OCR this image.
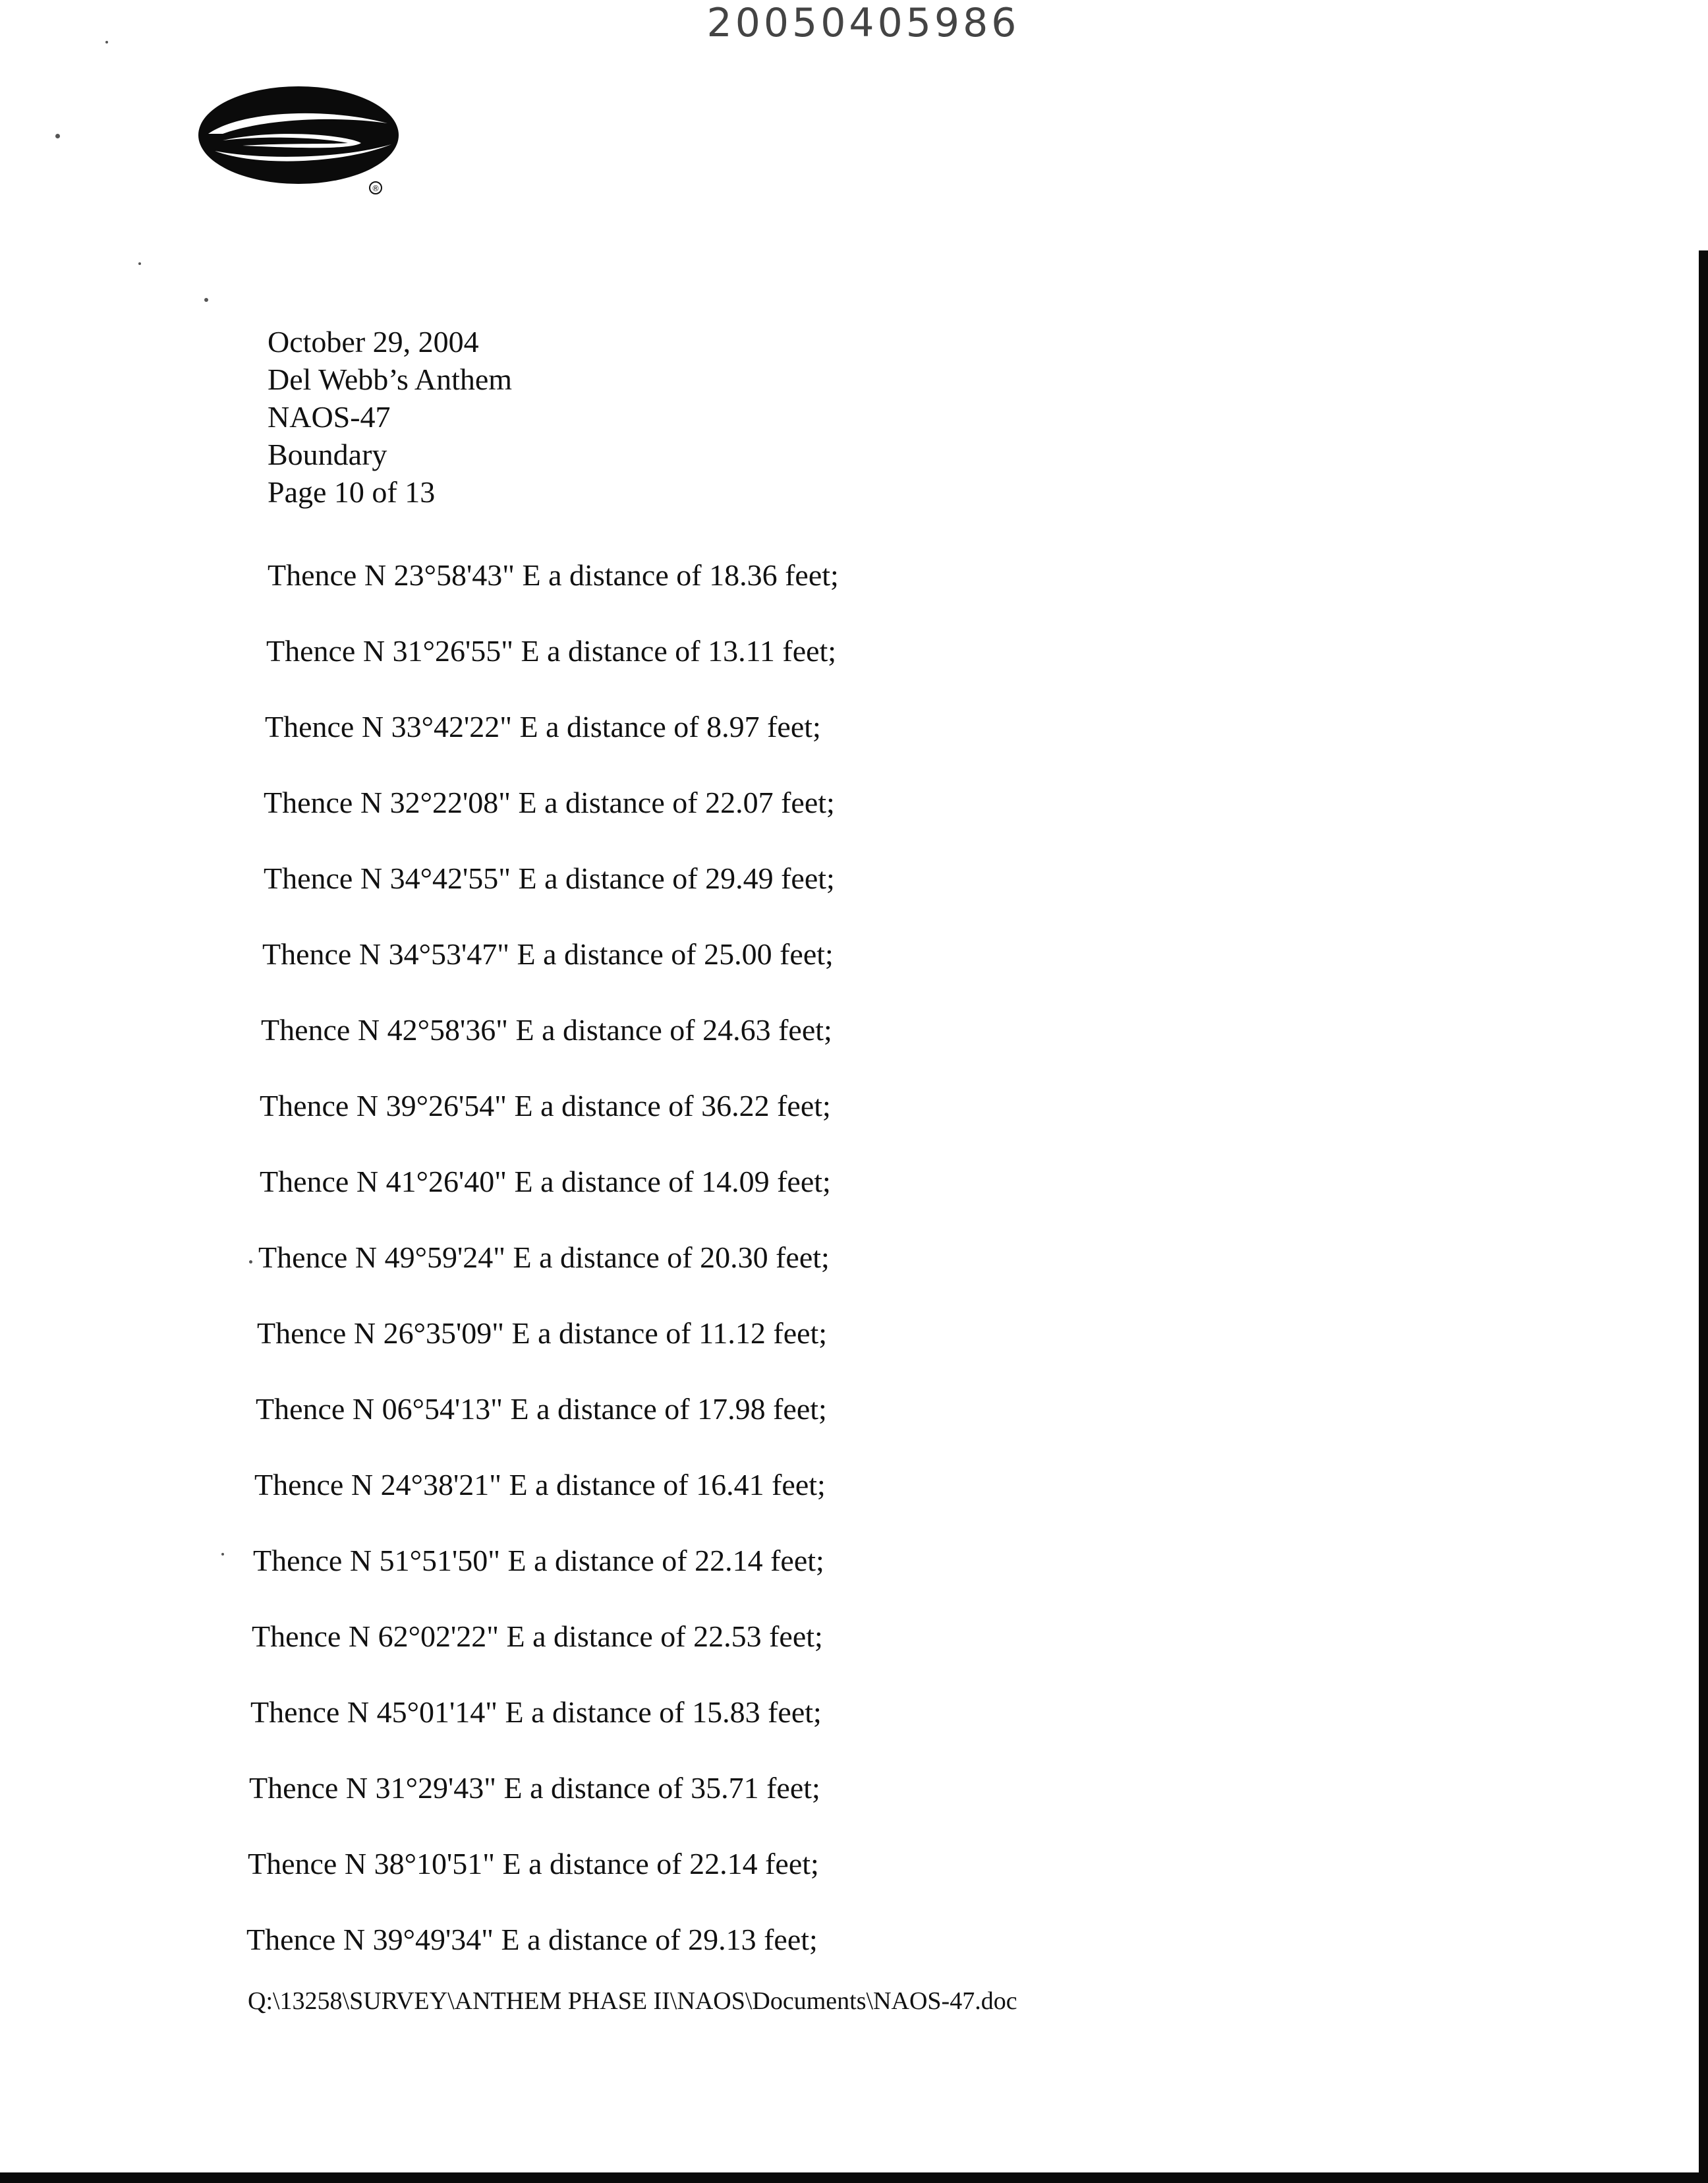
20050405986
®
October 29, 2004
Del Webb’s Anthem
NAOS-47
Boundary
Page 10 of 13
Thence N 23°58'43" E a distance of 18.36 feet;
Thence N 31°26'55" E a distance of 13.11 feet;
Thence N 33°42'22" E a distance of 8.97 feet;
Thence N 32°22'08" E a distance of 22.07 feet;
Thence N 34°42'55" E a distance of 29.49 feet;
Thence N 34°53'47" E a distance of 25.00 feet;
Thence N 42°58'36" E a distance of 24.63 feet;
Thence N 39°26'54" E a distance of 36.22 feet;
Thence N 41°26'40" E a distance of 14.09 feet;
Thence N 49°59'24" E a distance of 20.30 feet;
Thence N 26°35'09" E a distance of 11.12 feet;
Thence N 06°54'13" E a distance of 17.98 feet;
Thence N 24°38'21" E a distance of 16.41 feet;
Thence N 51°51'50" E a distance of 22.14 feet;
Thence N 62°02'22" E a distance of 22.53 feet;
Thence N 45°01'14" E a distance of 15.83 feet;
Thence N 31°29'43" E a distance of 35.71 feet;
Thence N 38°10'51" E a distance of 22.14 feet;
Thence N 39°49'34" E a distance of 29.13 feet;
Q:\13258\SURVEY\ANTHEM PHASE II\NAOS\Documents\NAOS-47.doc
